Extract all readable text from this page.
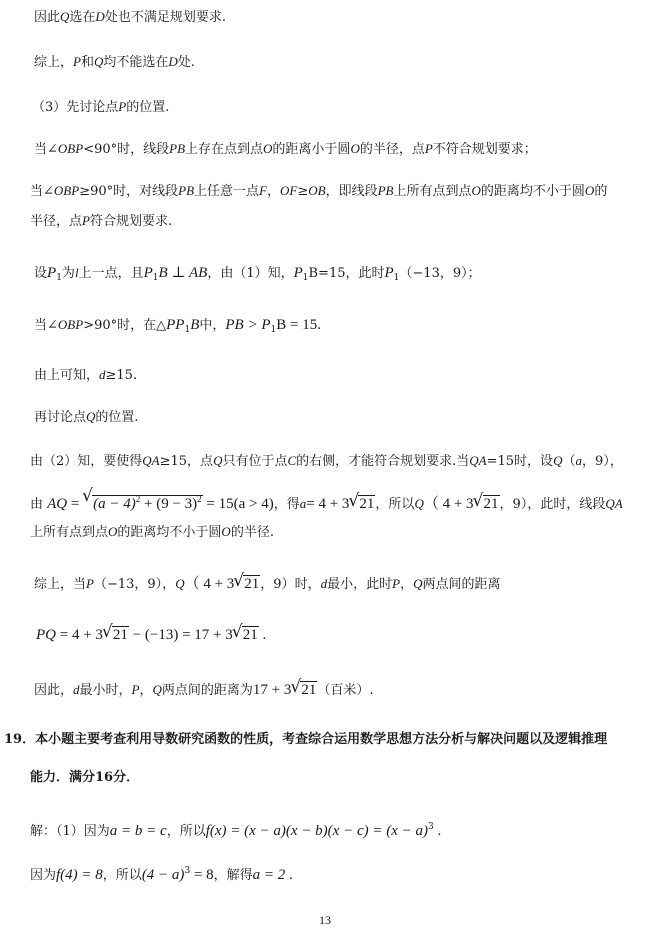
因此Q选在D处也不满足规划要求.
综上，P和Q均不能选在D处.
（3）先讨论点P的位置.
当∠OBP<90°时，线段PB上存在点到点O的距离小于圆O的半径，点P不符合规划要求；
当∠OBP≥90°时，对线段PB上任意一点F，OF≥OB，即线段PB上所有点到点O的距离均不小于圆O的
半径，点P符合规划要求.
设$P_1$为l上一点，且$P_1B$ ⊥ AB，由（1）知，$P_1B=15$，此时$P_1(-13$，9）；
当∠OBP>90°时，在$\triangle PP_1B$中，PB > $P_1B = 15$.
由上可知，d≥15.
再讨论点Q的位置.
由（2）知，要使得QA≥15，点Q只有位于点C的右侧，才能符合规划要求.当QA=15时，设Q（a，9），
由 AQ = √ $(a - 4)^2 + (9 - 3)^2 = 15(a > 4)$，得a= 4 + 3 √ 21，所以Q（ 4 + 3 √ 21，9），此时，线段QA
上所有点到点O的距离均不小于圆O的半径.
综上，当P（−13，9），Q（ 4 + 3 √ 21，9）时，d最小，此时P，Q两点间的距离
PQ = 4 + 3 √ 21 − (−13) = 17 + 3 √ 21 .
因此，d最小时，P，Q两点间的距离为17 + 3 √ 21（百米）.
19．本小题主要考查利用导数研究函数的性质，考查综合运用数学思想方法分析与解决问题以及逻辑推理
能力．满分16分．
解：（1）因为a = b = c，所以$f(x) = (x - a)(x - b)(x - c) = (x - a)^3$ .
因为f(4) = 8，所以$(4 - a)^3 = 8$，解得a = 2 .
13
